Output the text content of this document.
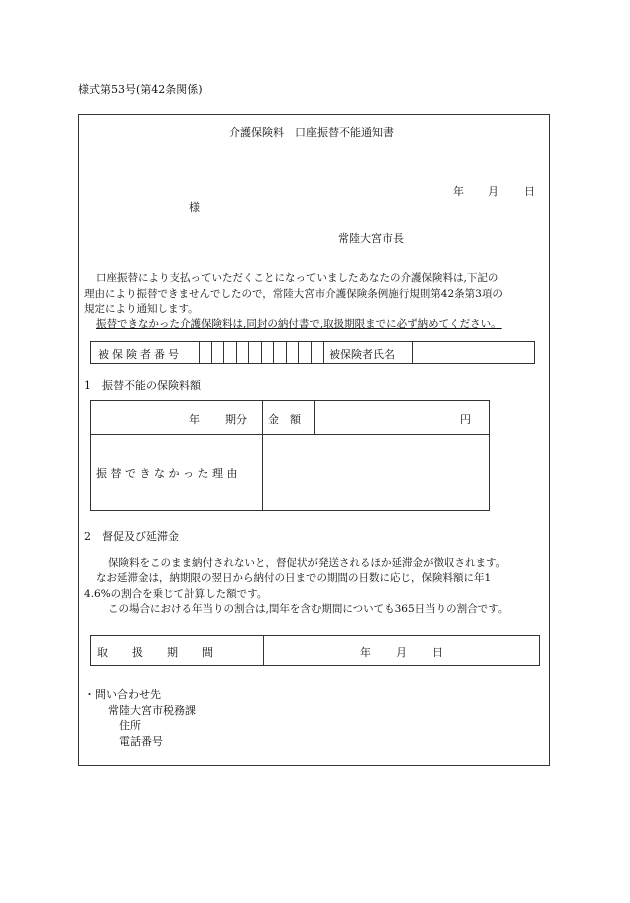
様式第53号(第42条関係)
介護保険料　口座振替不能通知書
年 月 日
様
常陸大宮市長
口座振替により支払っていただくことになっていましたあなたの介護保険料は,下記の
理由により振替できませんでしたので，常陸大宮市介護保険条例施行規則第42条第3項の
規定により通知します。
振替できなかった介護保険料は,同封の納付書で,取扱期限までに必ず納めてください。
被保険者番号	被保険者氏名
1　振替不能の保険料額
年 期分 金　額	円
振替できなかった理由
2　督促及び延滞金
保険料をこのまま納付されないと，督促状が発送されるほか延滞金が徴収されます。
なお延滞金は，納期限の翌日から納付の日までの期間の日数に応じ，保険料額に年1
4.6%の割合を乗じて計算した額です。
この場合における年当りの割合は,閏年を含む期間についても365日当りの割合です。
取扱期間	年 月 日
・問い合わせ先
常陸大宮市税務課
住所
電話番号
